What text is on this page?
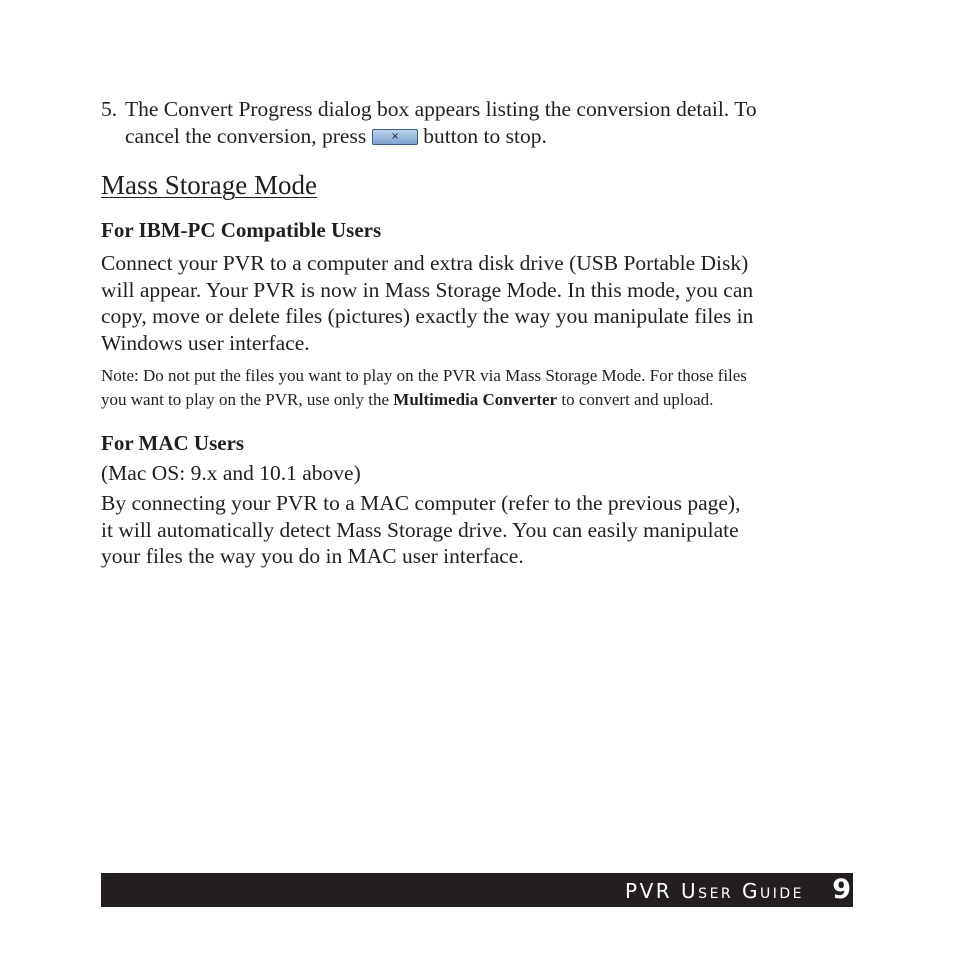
5. The Convert Progress dialog box appears listing the conversion detail. To

cancel the conversion, press	×	button to stop.

Mass Storage Mode
For IBM-PC Compatible Users

Connect your PVR to a computer and extra disk drive (USB Portable Disk)

will appear. Your PVR is now in Mass Storage Mode. In this mode, you can

copy, move or delete files (pictures) exactly the way you manipulate files in

Windows user interface.

Note: Do not put the files you want to play on the PVR via Mass Storage Mode. For those files

you want to play on the PVR, use only the Multimedia Converter to convert and upload.

For MAC Users

(Mac OS: 9.x and 10.1 above)

By connecting your PVR to a MAC computer (refer to the previous page),

it will automatically detect Mass Storage drive. You can easily manipulate

your files the way you do in MAC user interface.

PVR User Guide 9
